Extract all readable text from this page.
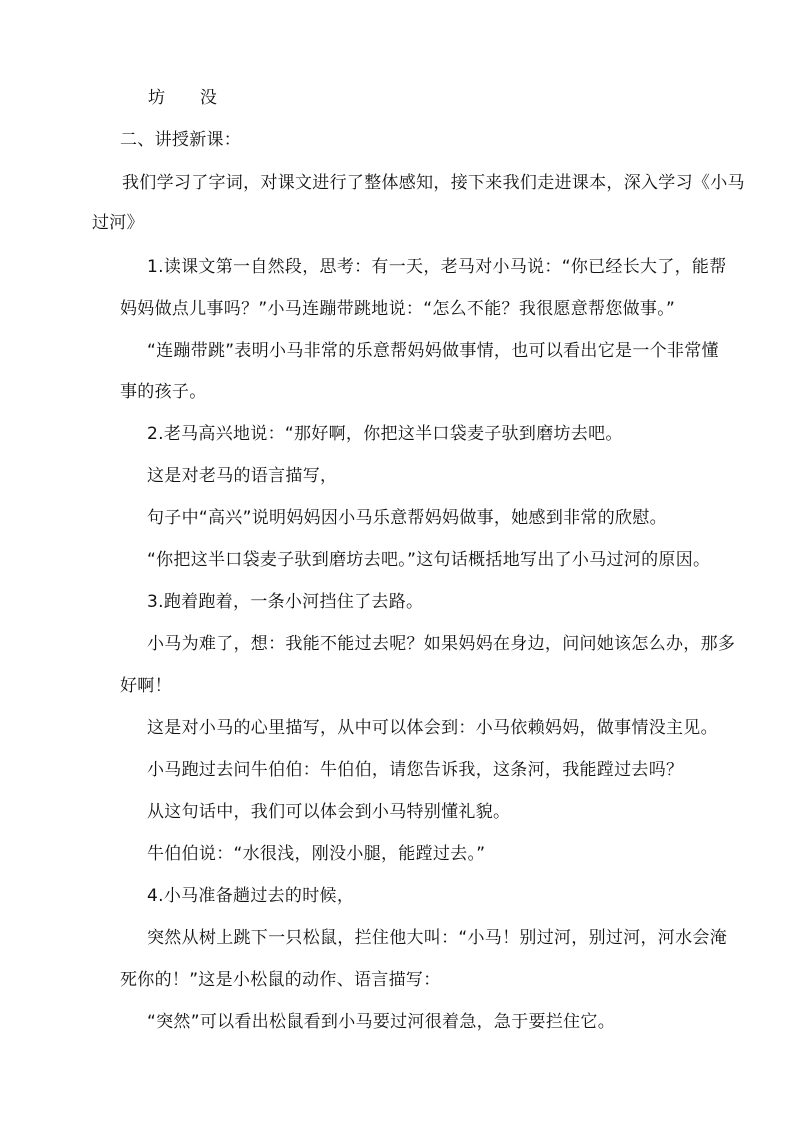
坊　　没
二、讲授新课：
我们学习了字词，对课文进行了整体感知，接下来我们走进课本，深入学习《小马
过河》
1.读课文第一自然段，思考：有一天，老马对小马说：“你已经长大了，能帮
妈妈做点儿事吗？”小马连蹦带跳地说：“怎么不能？我很愿意帮您做事。”
“连蹦带跳”表明小马非常的乐意帮妈妈做事情，也可以看出它是一个非常懂
事的孩子。
2.老马高兴地说：“那好啊，你把这半口袋麦子驮到磨坊去吧。
这是对老马的语言描写，
句子中“高兴”说明妈妈因小马乐意帮妈妈做事，她感到非常的欣慰。
“你把这半口袋麦子驮到磨坊去吧。”这句话概括地写出了小马过河的原因。
3.跑着跑着，一条小河挡住了去路。
小马为难了，想：我能不能过去呢？如果妈妈在身边，问问她该怎么办，那多
好啊！
这是对小马的心里描写，从中可以体会到：小马依赖妈妈，做事情没主见。
小马跑过去问牛伯伯：牛伯伯，请您告诉我，这条河，我能蹚过去吗？
从这句话中，我们可以体会到小马特别懂礼貌。
牛伯伯说：“水很浅，刚没小腿，能蹚过去。”
4.小马准备趟过去的时候，
突然从树上跳下一只松鼠，拦住他大叫：“小马！别过河，别过河，河水会淹
死你的！”这是小松鼠的动作、语言描写：
“突然”可以看出松鼠看到小马要过河很着急，急于要拦住它。
